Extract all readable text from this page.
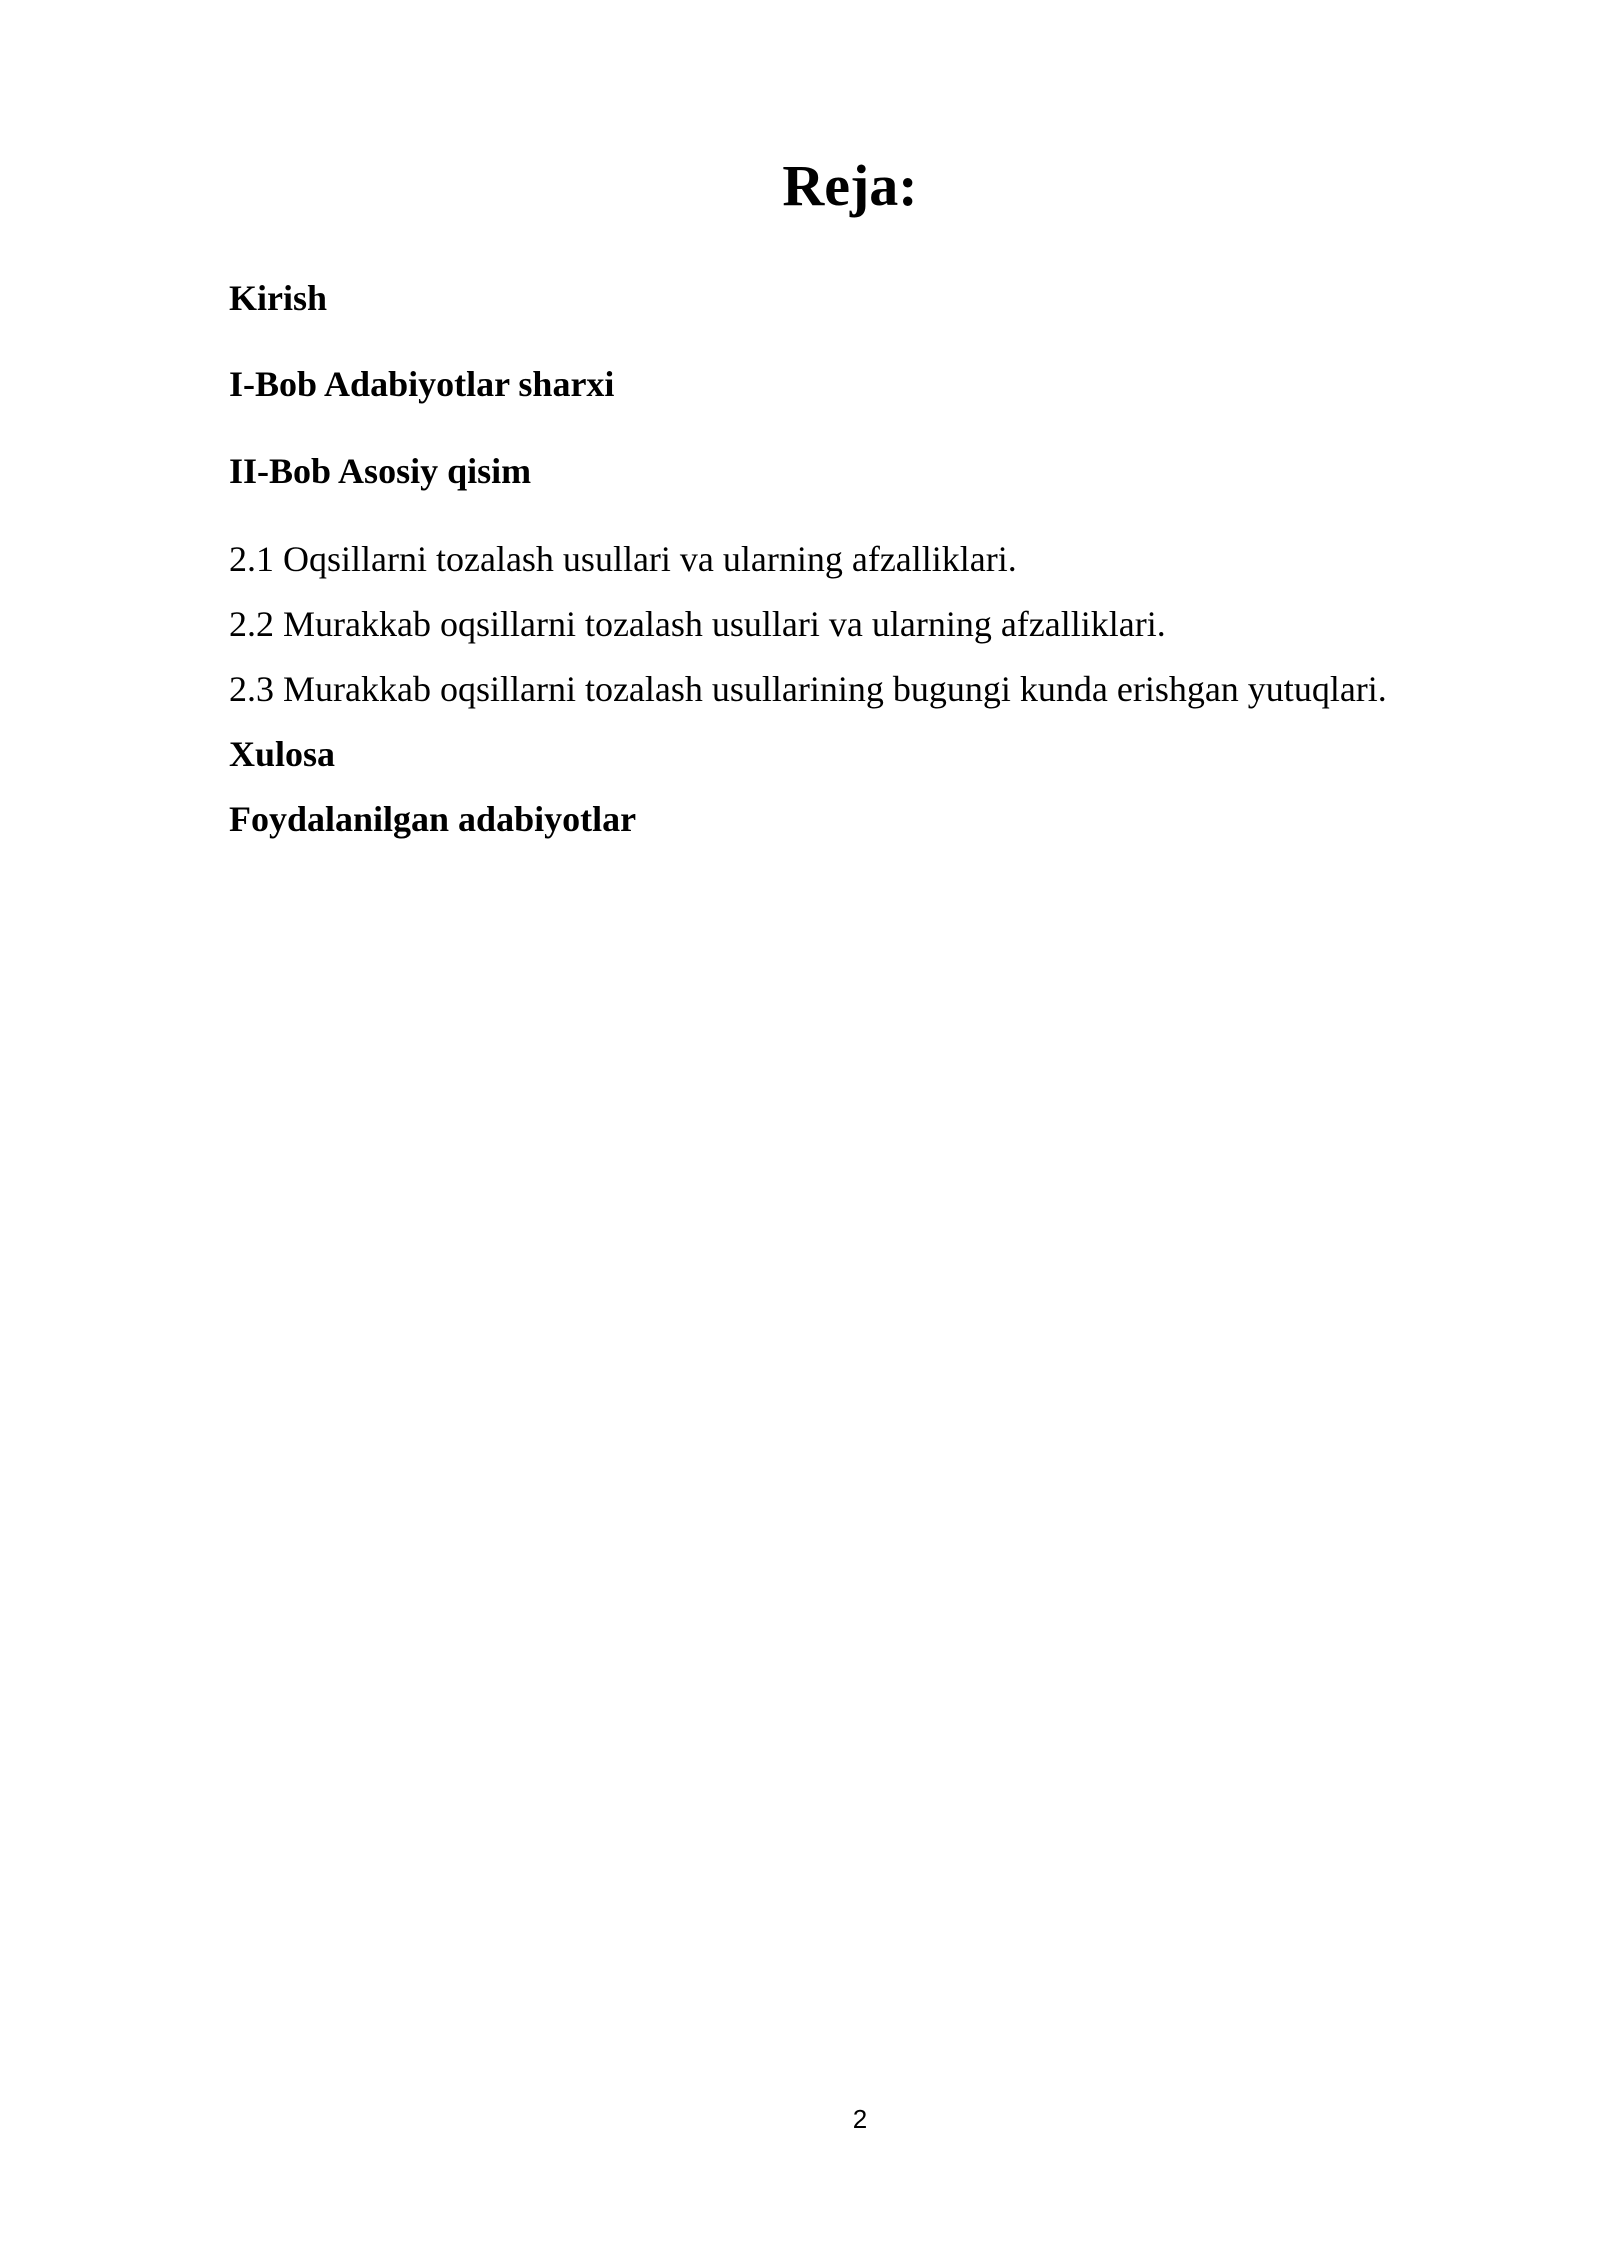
Reja:
Kirish
I-Bob Adabiyotlar sharxi
II-Bob Asosiy qisim
2.1 Oqsillarni tozalash usullari va ularning afzalliklari.
2.2 Murakkab oqsillarni tozalash usullari va ularning afzalliklari.
2.3 Murakkab oqsillarni tozalash usullarining bugungi kunda erishgan yutuqlari.
Xulosa
Foydalanilgan adabiyotlar
2
